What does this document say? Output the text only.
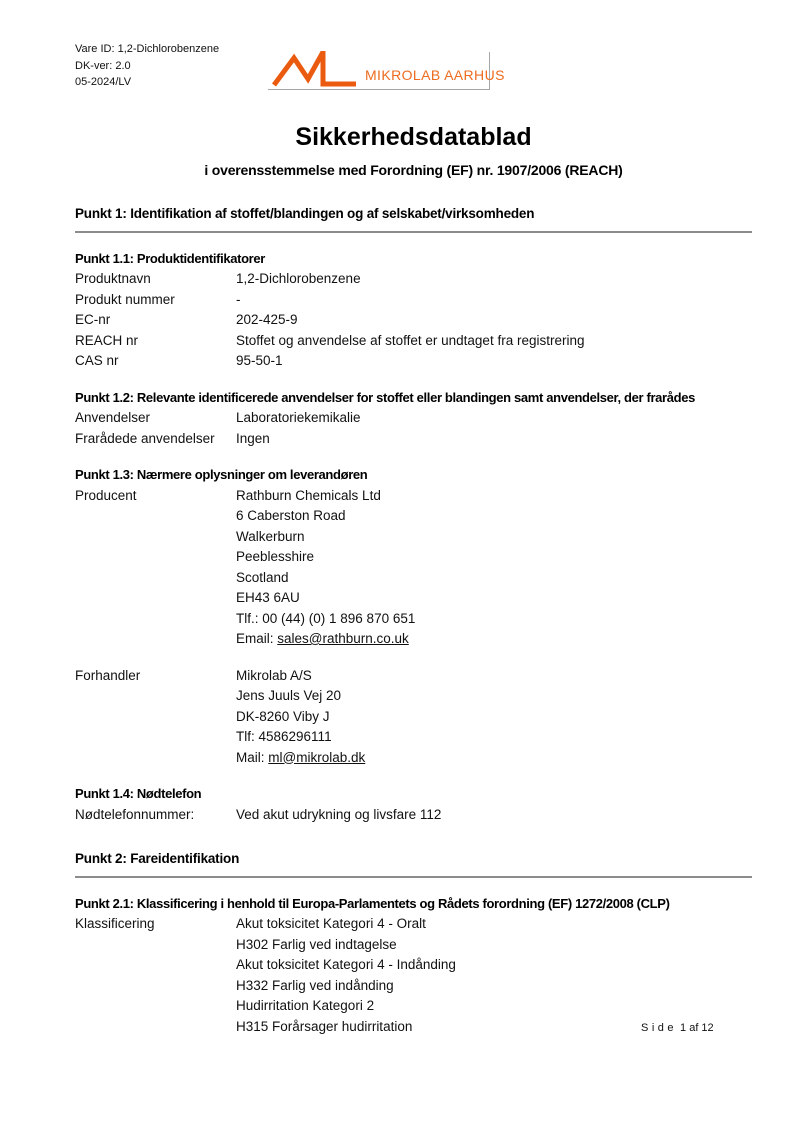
Vare ID: 1,2-Dichlorobenzene
DK-ver: 2.0
05-2024/LV	MIKROLAB AARHUS
Sikkerhedsdatablad
i overensstemmelse med Forordning (EF) nr. 1907/2006 (REACH)
Punkt 1: Identifikation af stoffet/blandingen og af selskabet/virksomheden
Punkt 1.1: Produktidentifikatorer
Produktnavn	1,2-Dichlorobenzene
Produkt nummer	-
EC-nr	202-425-9
REACH nr	Stoffet og anvendelse af stoffet er undtaget fra registrering
CAS nr	95-50-1
Punkt 1.2: Relevante identificerede anvendelser for stoffet eller blandingen samt anvendelser, der frarådes
Anvendelser	Laboratoriekemikalie
Frarådede anvendelser	Ingen
Punkt 1.3: Nærmere oplysninger om leverandøren
Producent	Rathburn Chemicals Ltd
6 Caberston Road
Walkerburn
Peeblesshire
Scotland
EH43 6AU
Tlf.: 00 (44) (0) 1 896 870 651
Email: sales@rathburn.co.uk
Forhandler	Mikrolab A/S
Jens Juuls Vej 20
DK-8260 Viby J
Tlf: 4586296111
Mail: ml@mikrolab.dk
Punkt 1.4: Nødtelefon
Nødtelefonnummer:	Ved akut udrykning og livsfare 112
Punkt 2: Fareidentifikation
Punkt 2.1: Klassificering i henhold til Europa-Parlamentets og Rådets forordning (EF) 1272/2008 (CLP)
Klassificering	Akut toksicitet Kategori 4 - Oralt
H302 Farlig ved indtagelse
Akut toksicitet Kategori 4 - Indånding
H332 Farlig ved indånding
Hudirritation Kategori 2
H315 Forårsager hudirritation	Side 1 af 12
